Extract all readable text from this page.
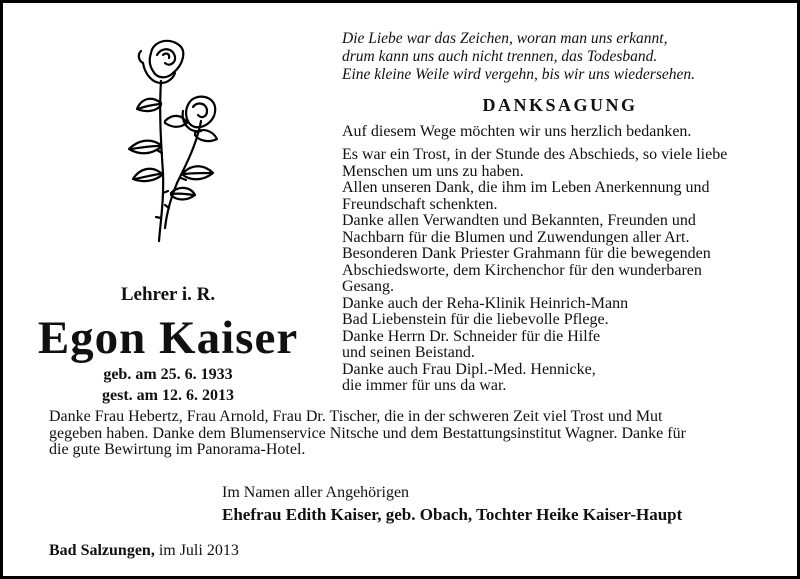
Lehrer i. R.
Egon Kaiser
geb. am 25. 6. 1933
gest. am 12. 6. 2013
Die Liebe war das Zeichen, woran man uns erkannt,
drum kann uns auch nicht trennen, das Todesband.
Eine kleine Weile wird vergehn, bis wir uns wiedersehen.
DANKSAGUNG
Auf diesem Wege möchten wir uns herzlich bedanken.
Es war ein Trost, in der Stunde des Abschieds, so viele liebe
Menschen um uns zu haben.
Allen unseren Dank, die ihm im Leben Anerkennung und
Freundschaft schenkten.
Danke allen Verwandten und Bekannten, Freunden und
Nachbarn für die Blumen und Zuwendungen aller Art.
Besonderen Dank Priester Grahmann für die bewegenden
Abschiedsworte, dem Kirchenchor für den wunderbaren
Gesang.
Danke auch der Reha-Klinik Heinrich-Mann
Bad Liebenstein für die liebevolle Pflege.
Danke Herrn Dr. Schneider für die Hilfe
und seinen Beistand.
Danke auch Frau Dipl.-Med. Hennicke,
die immer für uns da war.
Danke Frau Hebertz, Frau Arnold, Frau Dr. Tischer, die in der schweren Zeit viel Trost und Mut
gegeben haben. Danke dem Blumenservice Nitsche und dem Bestattungsinstitut Wagner. Danke für
die gute Bewirtung im Panorama-Hotel.
Im Namen aller Angehörigen
Ehefrau Edith Kaiser, geb. Obach, Tochter Heike Kaiser-Haupt
Bad Salzungen, im Juli 2013
